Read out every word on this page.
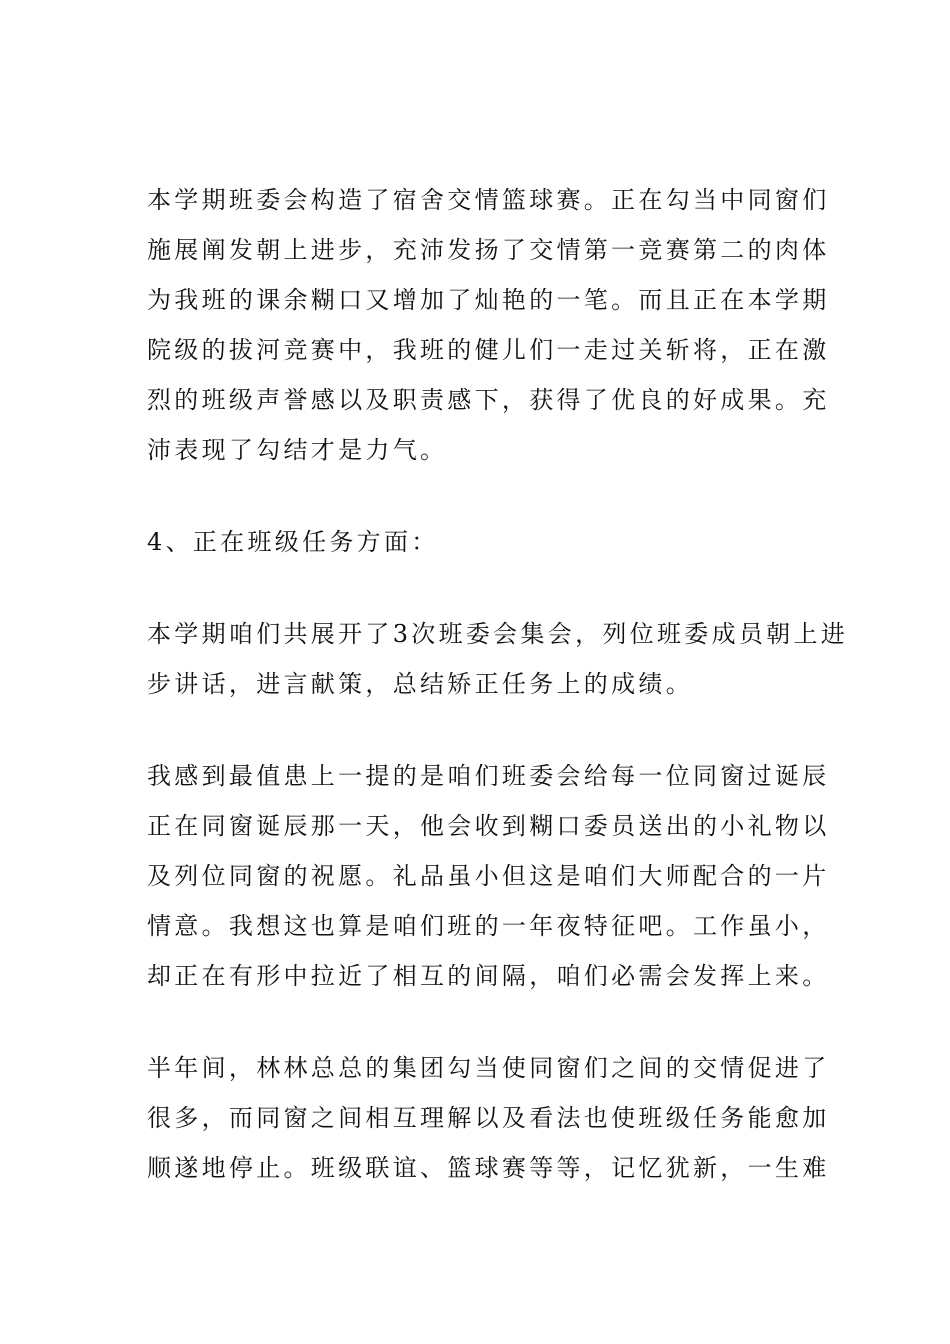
本学期班委会构造了宿舍交情篮球赛。正在勾当中同窗们
施展阐发朝上进步，充沛发扬了交情第一竞赛第二的肉体
为我班的课余糊口又增加了灿艳的一笔。而且正在本学期
院级的拔河竞赛中，我班的健儿们一走过关斩将，正在激
烈的班级声誉感以及职责感下，获得了优良的好成果。充
沛表现了勾结才是力气。
4、正在班级任务方面：
本学期咱们共展开了3次班委会集会，列位班委成员朝上进
步讲话，进言献策，总结矫正任务上的成绩。
我感到最值患上一提的是咱们班委会给每一位同窗过诞辰
正在同窗诞辰那一天，他会收到糊口委员送出的小礼物以
及列位同窗的祝愿。礼品虽小但这是咱们大师配合的一片
情意。我想这也算是咱们班的一年夜特征吧。工作虽小，
却正在有形中拉近了相互的间隔，咱们必需会发挥上来。
半年间，林林总总的集团勾当使同窗们之间的交情促进了
很多，而同窗之间相互理解以及看法也使班级任务能愈加
顺遂地停止。班级联谊、篮球赛等等，记忆犹新，一生难
